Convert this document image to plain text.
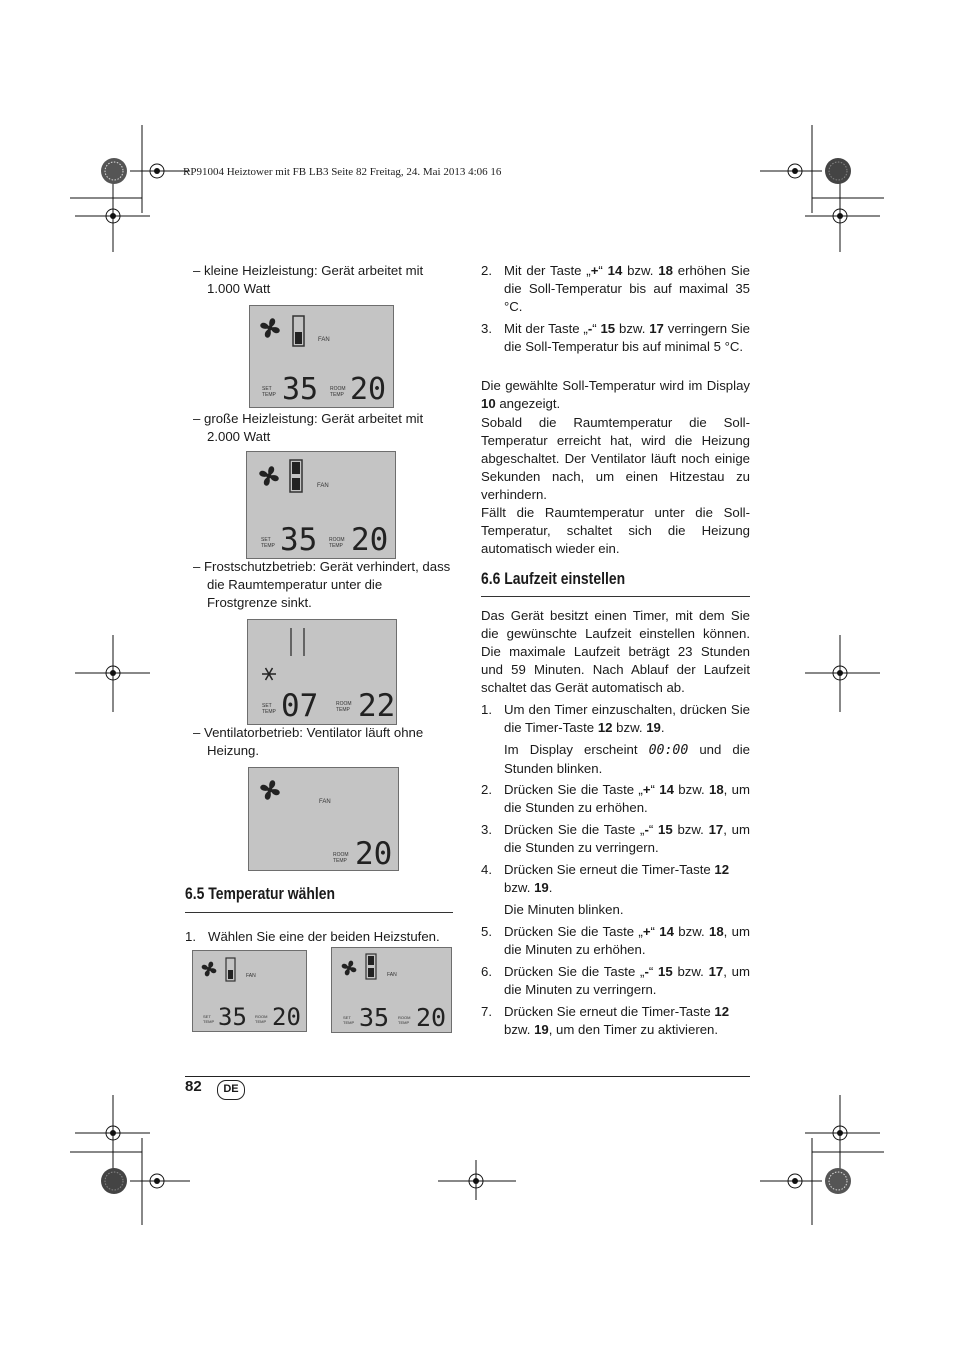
RP91004 Heiztower mit FB LB3 Seite 82 Freitag, 24. Mai 2013 4:06 16
– kleine Heizleistung: Gerät arbeitet mit 1.000 Watt
– große Heizleistung: Gerät arbeitet mit 2.000 Watt
– Frostschutzbetrieb: Gerät verhindert, dass die Raumtemperatur unter die Frostgrenze sinkt.
– Ventilatorbetrieb: Ventilator läuft ohne Heizung.
FAN
SET
TEMP 35 ROOM
TEMP 20
FAN
SET
TEMP 35 ROOM
TEMP 20
SET
TEMP 07	ROOM
TEMP 22
FAN
ROOM
TEMP 20
6.5 Temperatur wählen
1. Wählen Sie eine der beiden Heizstufen.
FAN
SET
TEMP 35 ROOM
TEMP 20
FAN
SET
TEMP 35 ROOM
TEMP 20
2. Mit der Taste „+“ 14 bzw. 18 erhöhen Sie die Soll-Temperatur bis auf maximal 35 °C.
3. Mit der Taste „-“ 15 bzw. 17 verringern Sie die Soll-Temperatur bis auf minimal 5 °C.
Die gewählte Soll-Temperatur wird im Display 10 angezeigt.
Sobald die Raumtemperatur die Soll-Temperatur erreicht hat, wird die Heizung abgeschaltet. Der Ventilator läuft noch einige Sekunden nach, um einen Hitzestau zu verhindern.
Fällt die Raumtemperatur unter die Soll-Temperatur, schaltet sich die Heizung automatisch wieder ein.
6.6 Laufzeit einstellen
Das Gerät besitzt einen Timer, mit dem Sie die gewünschte Laufzeit einstellen können. Die maximale Laufzeit beträgt 23 Stunden und 59 Minuten. Nach Ablauf der Laufzeit schaltet das Gerät automatisch ab.
1. Um den Timer einzuschalten, drücken Sie die Timer-Taste 12 bzw. 19.
Im Display erscheint 00:00 und die Stunden blinken.
2. Drücken Sie die Taste „+“ 14 bzw. 18, um die Stunden zu erhöhen.
3. Drücken Sie die Taste „-“ 15 bzw. 17, um die Stunden zu verringern.
4. Drücken Sie erneut die Timer-Taste 12
bzw. 19.
Die Minuten blinken.
5. Drücken Sie die Taste „+“ 14 bzw. 18, um die Minuten zu erhöhen.
6. Drücken Sie die Taste „-“ 15 bzw. 17, um die Minuten zu verringern.
7. Drücken Sie erneut die Timer-Taste 12
bzw. 19, um den Timer zu aktivieren.
82	DE
